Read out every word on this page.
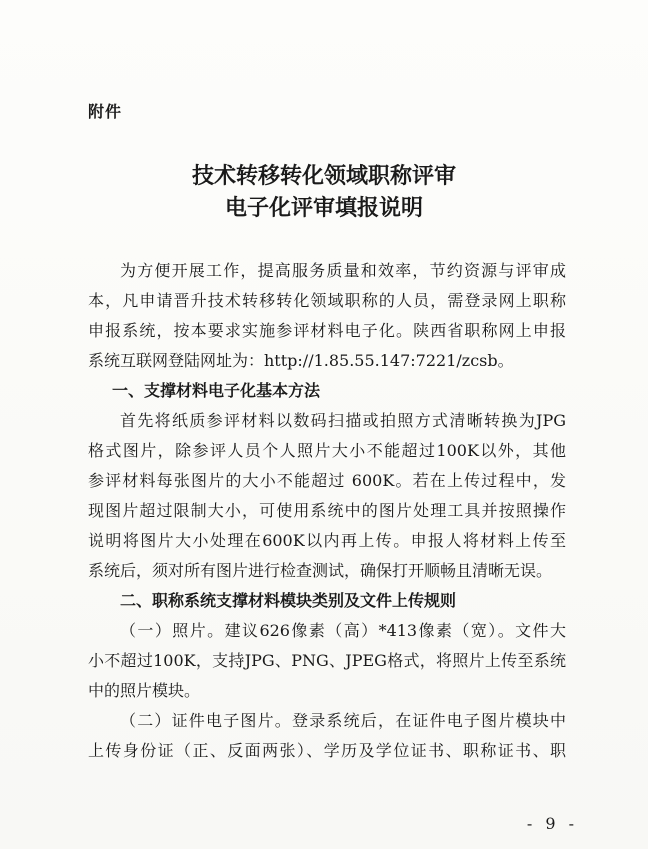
附件
技术转移转化领域职称评审
电子化评审填报说明
为方便开展工作，提高服务质量和效率，节约资源与评审成
本，凡申请晋升技术转移转化领域职称的人员，需登录网上职称
申报系统，按本要求实施参评材料电子化。陕西省职称网上申报
系统互联网登陆网址为：http://1.85.55.147:7221/zcsb。
一、支撑材料电子化基本方法
首先将纸质参评材料以数码扫描或拍照方式清晰转换为JPG
格式图片，除参评人员个人照片大小不能超过100K以外，其他
参评材料每张图片的大小不能超过 600K。若在上传过程中，发
现图片超过限制大小，可使用系统中的图片处理工具并按照操作
说明将图片大小处理在600K以内再上传。申报人将材料上传至
系统后，须对所有图片进行检查测试，确保打开顺畅且清晰无误。
二、职称系统支撑材料模块类别及文件上传规则
（一）照片。建议626像素（高）*413像素（宽）。文件大
小不超过100K，支持JPG、PNG、JPEG格式，将照片上传至系统
中的照片模块。
（二）证件电子图片。登录系统后，在证件电子图片模块中
上传身份证（正、反面两张）、学历及学位证书、职称证书、职
- 9 -
